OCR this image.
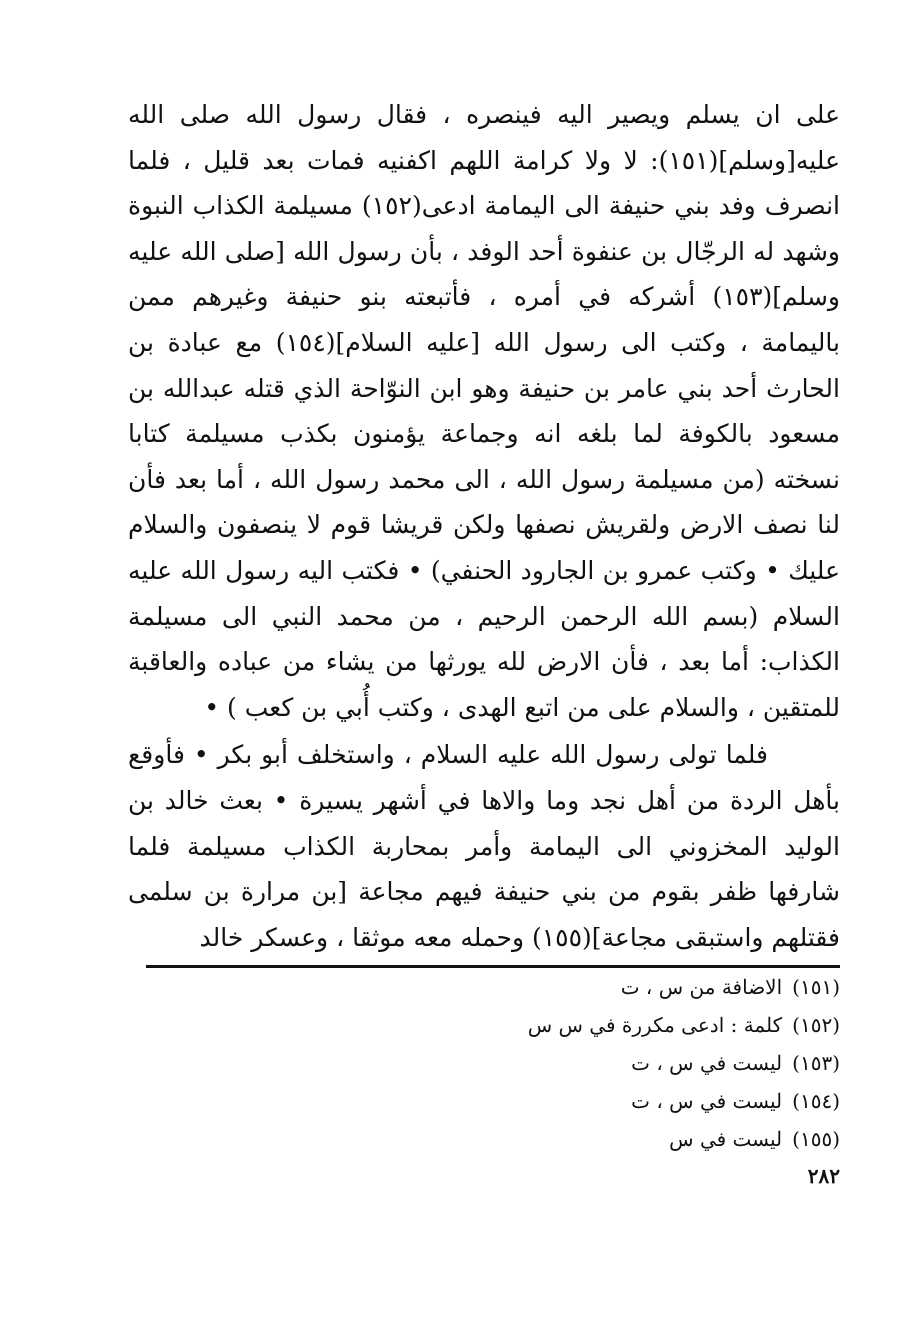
على ان يسلم ويصير اليه فينصره ، فقال رسول الله صلى الله عليه[وسلم](١٥١): لا ولا كرامة اللهم اكفنيه فمات بعد قليل ، فلما انصرف وفد بني حنيفة الى اليمامة ادعى(١٥٢) مسيلمة الكذاب النبوة وشهد له الرجّال بن عنفوة أحد الوفد ، بأن رسول الله [صلى الله عليه وسلم](١٥٣) أشركه في أمره ، فأتبعته بنو حنيفة وغيرهم ممن باليمامة ، وكتب الى رسول الله [عليه السلام](١٥٤) مع عبادة بن الحارث أحد بني عامر بن حنيفة وهو ابن النوّاحة الذي قتله عبدالله بن مسعود بالكوفة لما بلغه انه وجماعة يؤمنون بكذب مسيلمة كتابا نسخته (من مسيلمة رسول الله ، الى محمد رسول الله ، أما بعد فأن لنا نصف الارض ولقريش نصفها ولكن قريشا قوم لا ينصفون والسلام عليك • وكتب عمرو بن الجارود الحنفي) • فكتب اليه رسول الله عليه السلام (بسم الله الرحمن الرحيم ، من محمد النبي الى مسيلمة الكذاب: أما بعد ، فأن الارض لله يورثها من يشاء من عباده والعاقبة للمتقين ، والسلام على من اتبع الهدى ، وكتب أُبي بن كعب ) •

فلما تولى رسول الله عليه السلام ، واستخلف أبو بكر • فأوقع بأهل الردة من أهل نجد وما والاها في أشهر يسيرة • بعث خالد بن الوليد المخزوني الى اليمامة وأمر بمحاربة الكذاب مسيلمة فلما شارفها ظفر بقوم من بني حنيفة فيهم مجاعة [بن مرارة بن سلمى فقتلهم واستبقى مجاعة](١٥٥) وحمله معه موثقا ، وعسكر خالد

(١٥١)الاضافة من س ، ت
(١٥٢)كلمة : ادعى مكررة في س س
(١٥٣)ليست في س ، ت
(١٥٤)ليست في س ، ت
(١٥٥)ليست في س
٢٨٢
